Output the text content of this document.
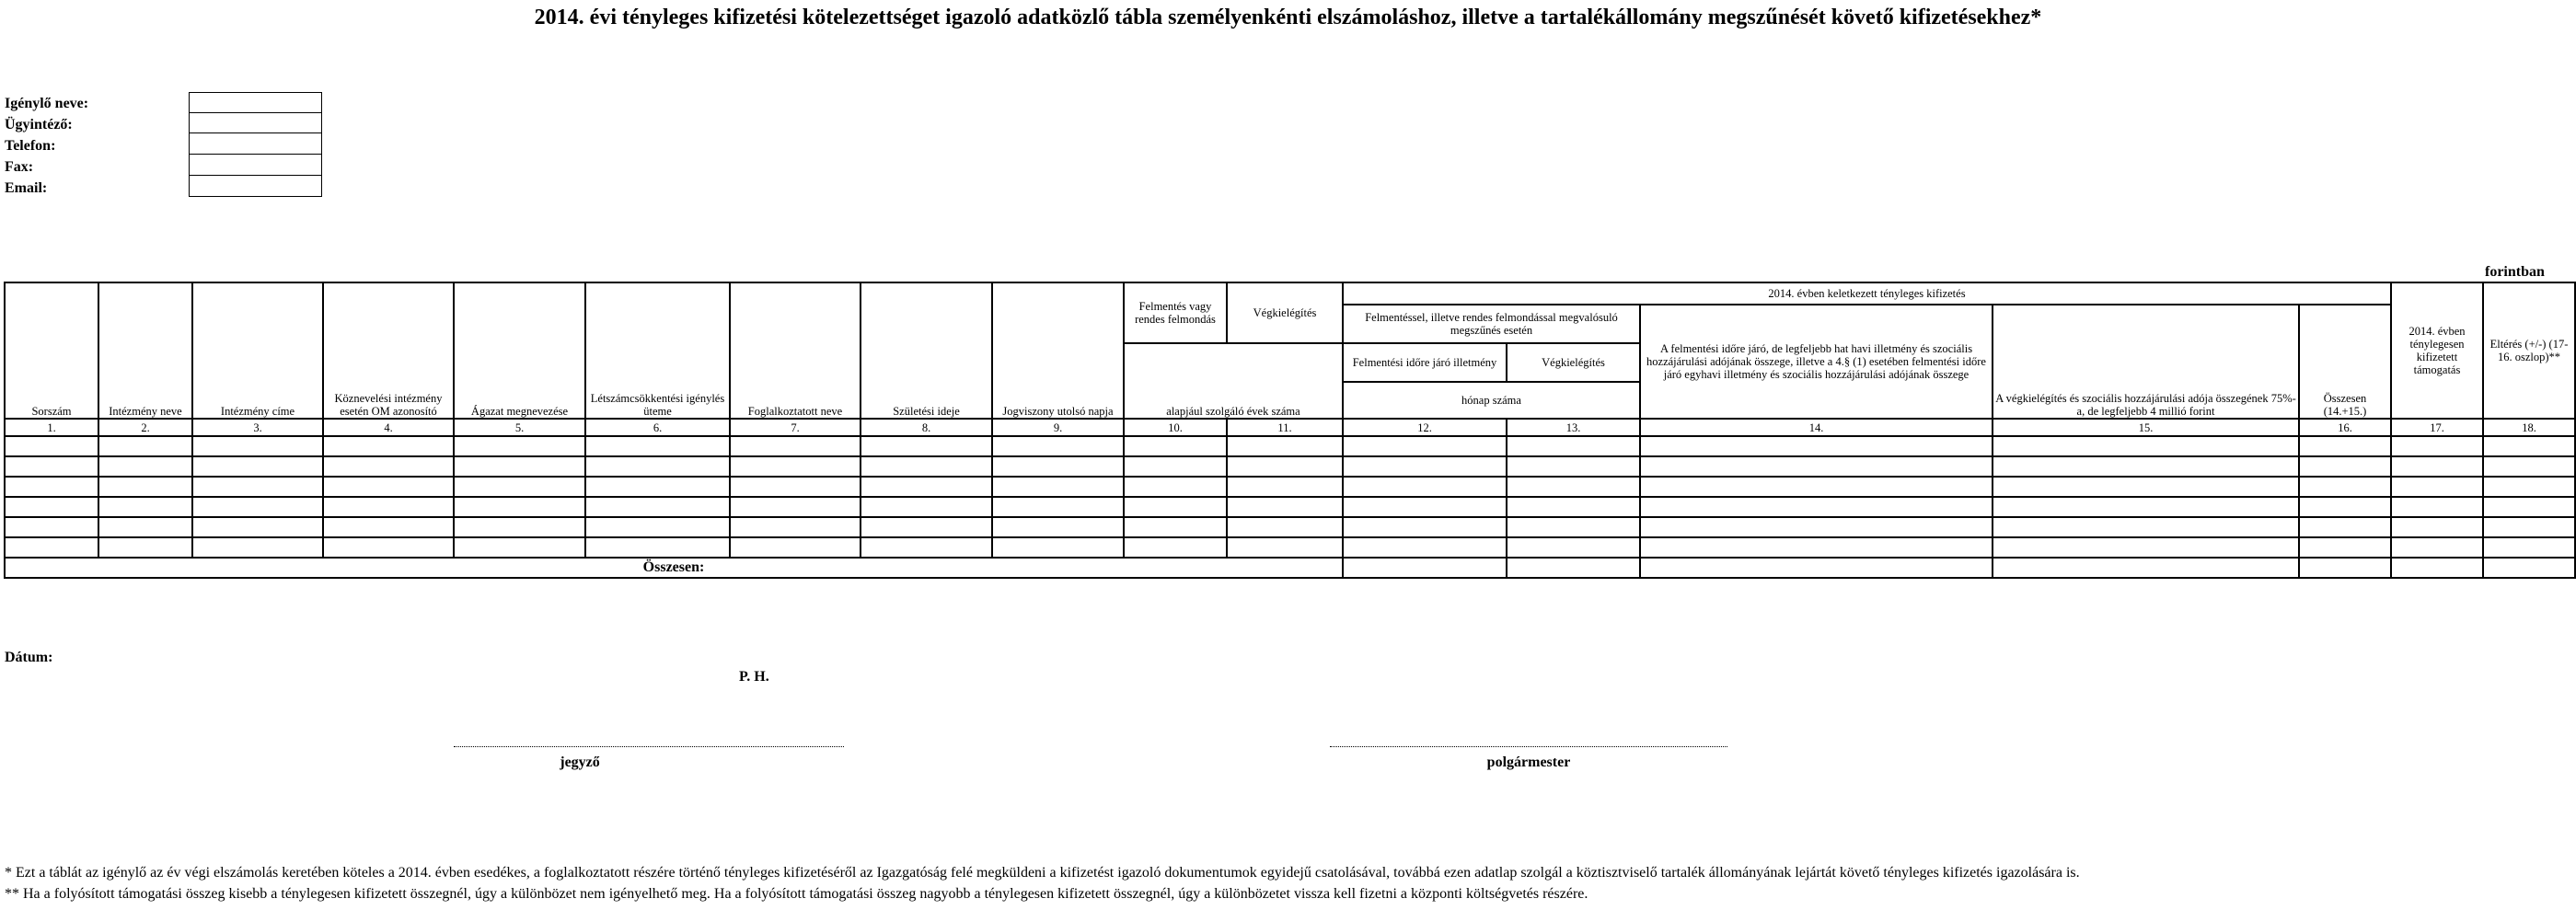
2014. évi tényleges kifizetési kötelezettséget igazoló adatközlő tábla személyenkénti elszámoláshoz, illetve a tartalékállomány megszűnését követő kifizetésekhez*
Igénylő neve:
Ügyintéző:
Telefon:
Fax:
Email:
forintban
Sorszám	Intézmény neve	Intézmény címe	Köznevelési intézmény esetén OM azonosító	Ágazat megnevezése	Létszámcsökkentési igénylés üteme	Foglalkoztatott neve	Születési ideje	Jogviszony utolsó napja	Felmentés vagy rendes felmondás	Végkielégítés	2014. évben keletkezett tényleges kifizetés					2014. évben ténylegesen kifizetett támogatás	Eltérés (+/-) (17-16. oszlop)**
											Felmentéssel, illetve rendes felmondással megvalósuló megszűnés esetén		A felmentési időre járó, de legfeljebb hat havi illetmény és szociális hozzájárulási adójának összege, illetve a 4.§ (1) esetében felmentési időre járó egyhavi illetmény és szociális hozzájárulási adójának összege	A végkielégítés és szociális hozzájárulási adója összegének 75%-a, de legfeljebb 4 millió forint	Összesen (14.+15.)		
									alapjául szolgáló évek száma		Felmentési időre járó illetmény	Végkielégítés					
											hónap száma						
1.	2.	3.	4.	5.	6.	7.	8.	9.	10.	11.	12.	13.	14.	15.	16.	17.	18.

Összesen:																	
Dátum:
P. H.
jegyző	polgármester
* Ezt a táblát az igénylő az év végi elszámolás keretében köteles a 2014. évben esedékes, a foglalkoztatott részére történő tényleges kifizetéséről az Igazgatóság felé megküldeni a kifizetést igazoló dokumentumok egyidejű csatolásával, továbbá ezen adatlap szolgál a köztisztviselő tartalék állományának lejártát követő tényleges kifizetés igazolására is.
** Ha a folyósított támogatási összeg kisebb a ténylegesen kifizetett összegnél, úgy a különbözet nem igényelhető meg. Ha a folyósított támogatási összeg nagyobb a ténylegesen kifizetett összegnél, úgy a különbözetet vissza kell fizetni a központi költségvetés részére.
